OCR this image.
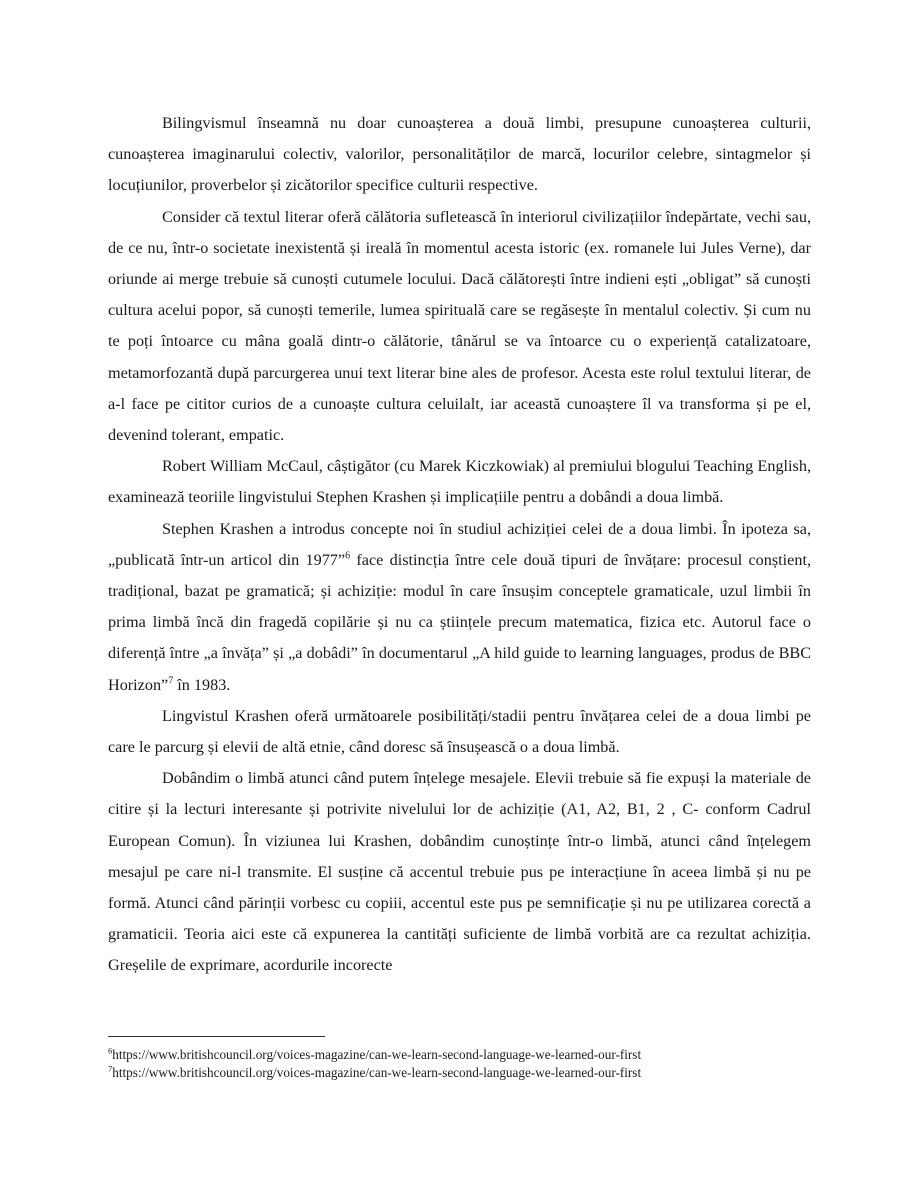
Bilingvismul înseamnă nu doar cunoașterea a două limbi, presupune cunoașterea culturii, cunoașterea imaginarului colectiv, valorilor, personalităților de marcă, locurilor celebre, sintagmelor și locuțiunilor, proverbelor și zicătorilor specifice culturii respective.

Consider că textul literar oferă călătoria sufletească în interiorul civilizațiilor îndepărtate, vechi sau, de ce nu, într-o societate inexistentă și ireală în momentul acesta istoric (ex. romanele lui Jules Verne), dar oriunde ai merge trebuie să cunoști cutumele locului. Dacă călătorești între indieni ești „obligat” să cunoști cultura acelui popor, să cunoști temerile, lumea spirituală care se regăsește în mentalul colectiv. Și cum nu te poți întoarce cu mâna goală dintr-o călătorie, tânărul se va întoarce cu o experiență catalizatoare, metamorfozantă după parcurgerea unui text literar bine ales de profesor. Acesta este rolul textului literar, de a-l face pe cititor curios de a cunoaște cultura celuilalt, iar această cunoaștere îl va transforma și pe el, devenind tolerant, empatic.

Robert William McCaul, câștigător (cu Marek Kiczkowiak) al premiului blogului Teaching English, examinează teoriile lingvistului Stephen Krashen și implicațiile pentru a dobândi a doua limbă.

Stephen Krashen a introdus concepte noi în studiul achiziției celei de a doua limbi. În ipoteza sa, „publicată într-un articol din 1977”$^6$ face distincția între cele două tipuri de învățare: procesul conștient, tradițional, bazat pe gramatică; și achiziție: modul în care însușim conceptele gramaticale, uzul limbii în prima limbă încă din fragedă copilărie și nu ca științele precum matematica, fizica etc. Autorul face o diferență între „a învăța” și „a dobâdi” în documentarul „A hild guide to learning languages, produs de BBC Horizon”$^7$ în 1983.

Lingvistul Krashen oferă următoarele posibilități/stadii pentru învățarea celei de a doua limbi pe care le parcurg și elevii de altă etnie, când doresc să însușească o a doua limbă.

Dobândim o limbă atunci când putem înțelege mesajele. Elevii trebuie să fie expuși la materiale de citire și la lecturi interesante și potrivite nivelului lor de achiziție (A1, A2, B1, 2 , C- conform Cadrul European Comun). În viziunea lui Krashen, dobândim cunoștințe într-o limbă, atunci când înțelegem mesajul pe care ni-l transmite. El susține că accentul trebuie pus pe interacțiune în aceea limbă și nu pe formă. Atunci când părinții vorbesc cu copiii, accentul este pus pe semnificație și nu pe utilizarea corectă a gramaticii. Teoria aici este că expunerea la cantități suficiente de limbă vorbită are ca rezultat achiziția. Greșelile de exprimare, acordurile incorecte

$^6$https://www.britishcouncil.org/voices-magazine/can-we-learn-second-language-we-learned-our-first
$^7$https://www.britishcouncil.org/voices-magazine/can-we-learn-second-language-we-learned-our-first
